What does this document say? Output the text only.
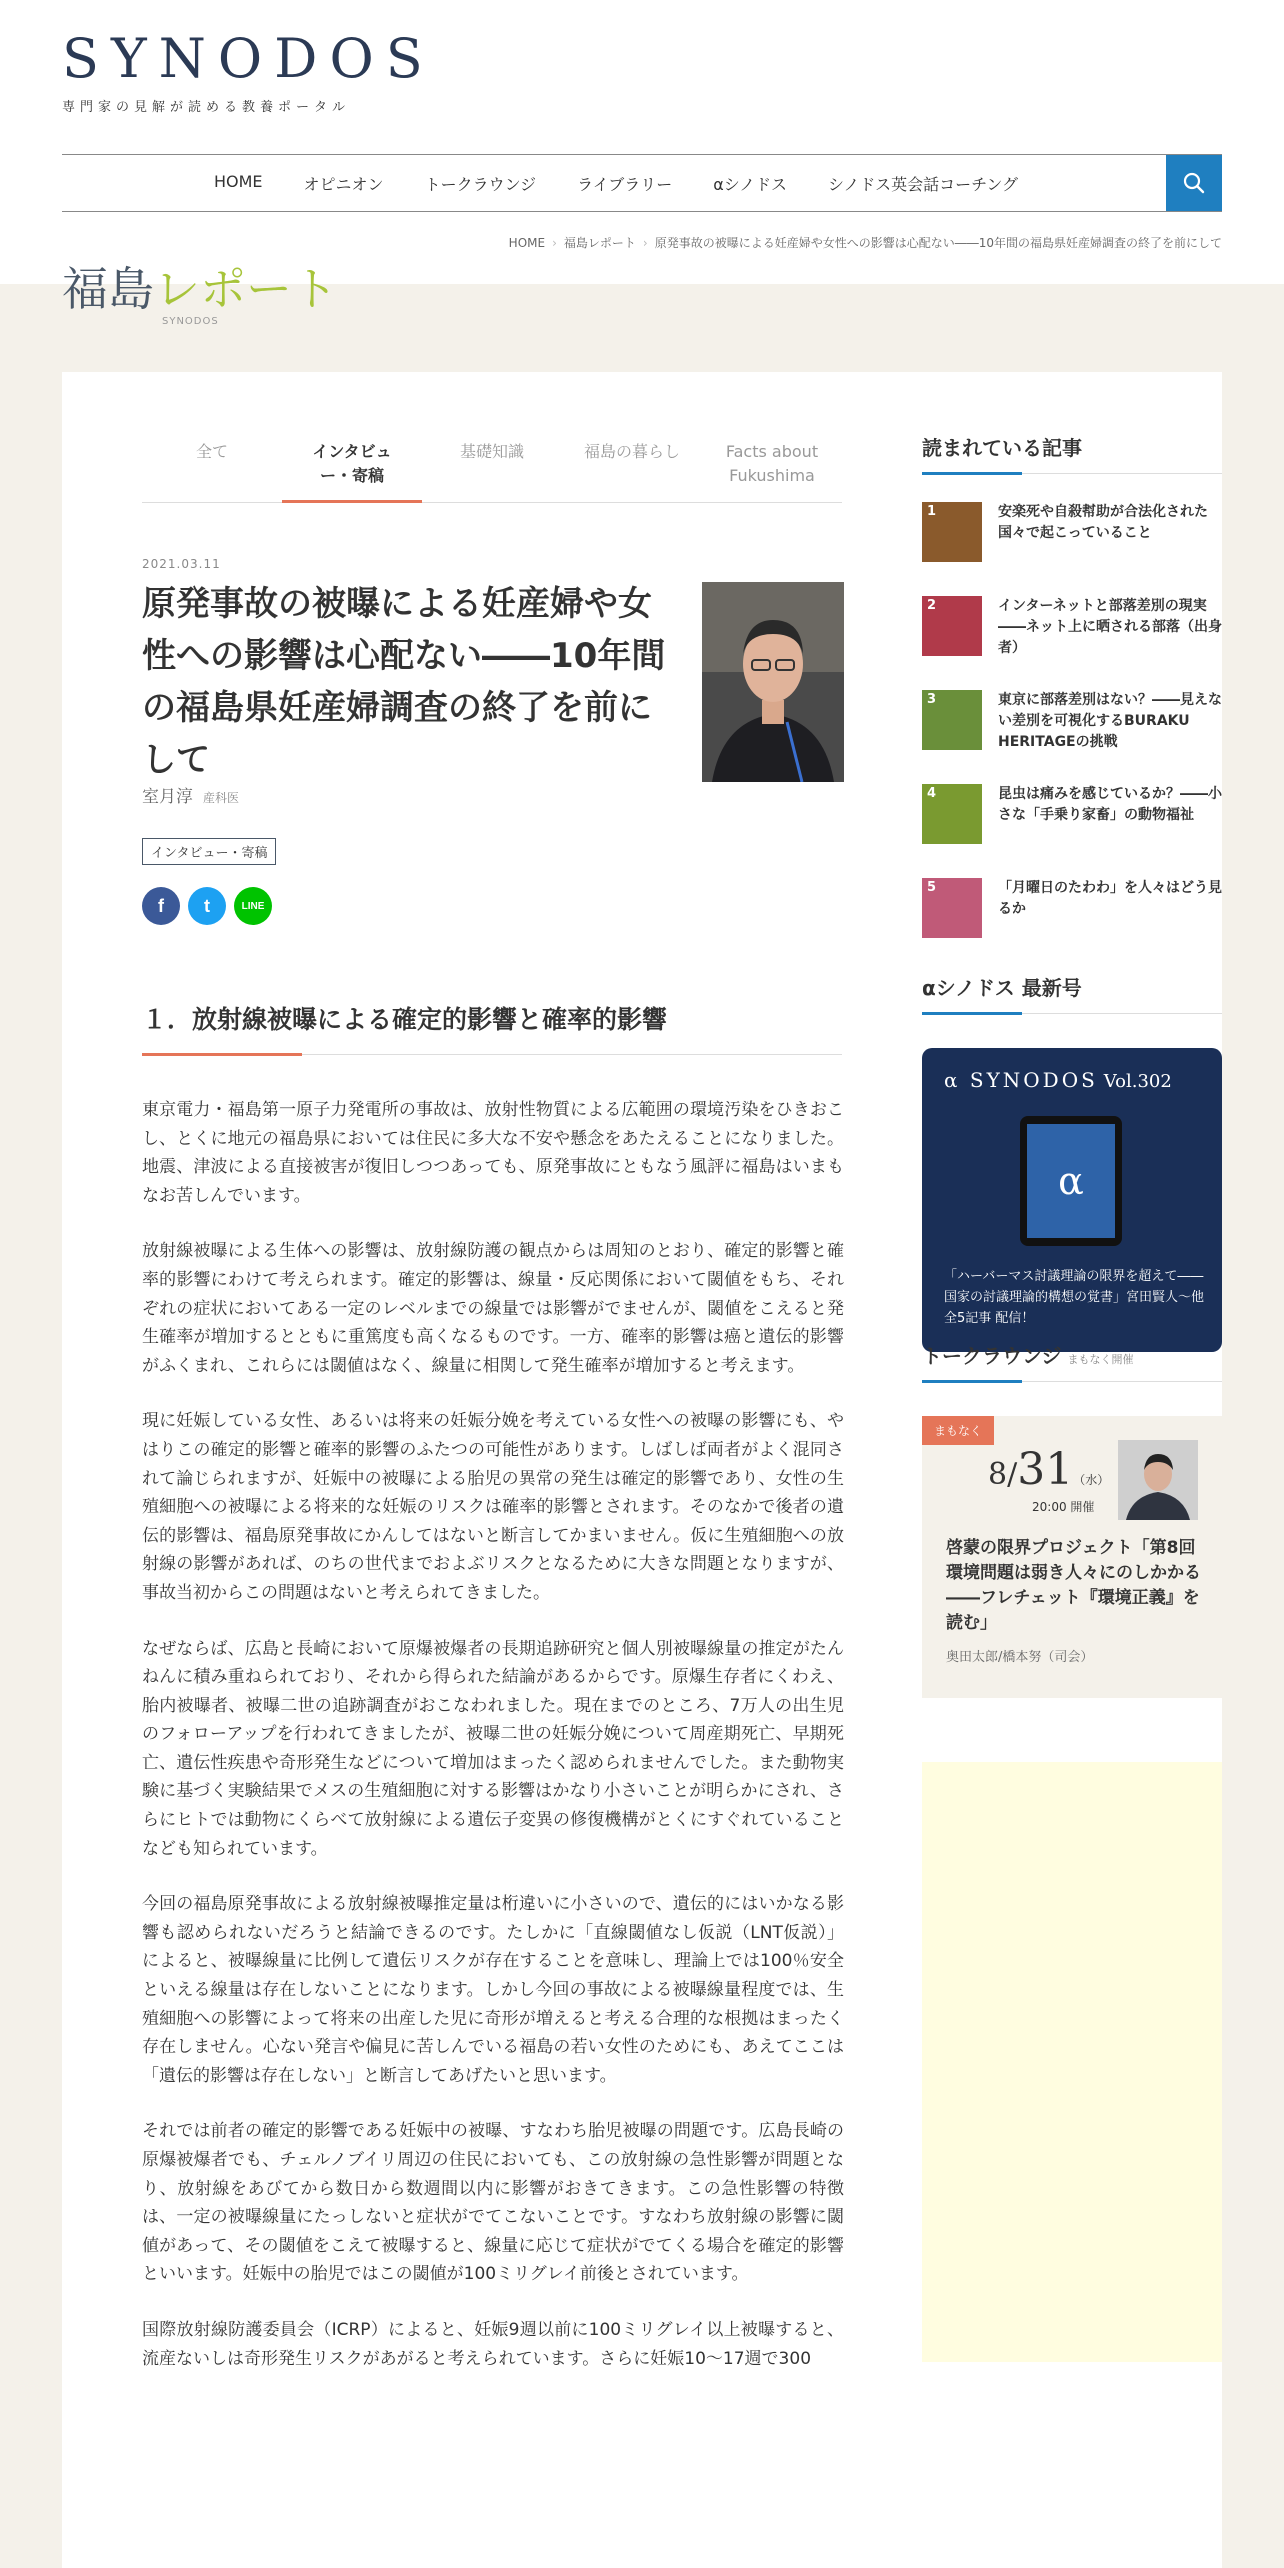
SYNODOS
専門家の見解が読める教養ポータル
HOME	オピニオン	トークラウンジ	ライブラリー	αシノドス	シノドス英会話コーチング
HOME › 福島レポート › 原発事故の被曝による妊産婦や女性への影響は心配ない――10年間の福島県妊産婦調査の終了を前にして
福島レポート
SYNODOS
全て	インタビュー・寄稿
基礎知識	福島の暮らし	Facts about Fukushima
2021.03.11
原発事故の被曝による妊産婦や女性への影響は心配ない――10年間の福島県妊産婦調査の終了を前にして
室月淳 産科医
インタビュー・寄稿
f t	LINE
１．放射線被曝による確定的影響と確率的影響

東京電力・福島第一原子力発電所の事故は、放射性物質による広範囲の環境汚染をひきおこし、とくに地元の福島県においては住民に多大な不安や懸念をあたえることになりました。地震、津波による直接被害が復旧しつつあっても、原発事故にともなう風評に福島はいまもなお苦しんでいます。

放射線被曝による生体への影響は、放射線防護の観点からは周知のとおり、確定的影響と確率的影響にわけて考えられます。確定的影響は、線量・反応関係において閾値をもち、それぞれの症状においてある一定のレベルまでの線量では影響がでませんが、閾値をこえると発生確率が増加するとともに重篤度も高くなるものです。一方、確率的影響は癌と遺伝的影響がふくまれ、これらには閾値はなく、線量に相関して発生確率が増加すると考えます。

現に妊娠している女性、あるいは将来の妊娠分娩を考えている女性への被曝の影響にも、やはりこの確定的影響と確率的影響のふたつの可能性があります。しばしば両者がよく混同されて論じられますが、妊娠中の被曝による胎児の異常の発生は確定的影響であり、女性の生殖細胞への被曝による将来的な妊娠のリスクは確率的影響とされます。そのなかで後者の遺伝的影響は、福島原発事故にかんしてはないと断言してかまいません。仮に生殖細胞への放射線の影響があれば、のちの世代までおよぶリスクとなるために大きな問題となりますが、事故当初からこの問題はないと考えられてきました。

なぜならば、広島と長崎において原爆被爆者の長期追跡研究と個人別被曝線量の推定がたんねんに積み重ねられており、それから得られた結論があるからです。原爆生存者にくわえ、胎内被曝者、被曝二世の追跡調査がおこなわれました。現在までのところ、7万人の出生児のフォローアップを行われてきましたが、被曝二世の妊娠分娩について周産期死亡、早期死亡、遺伝性疾患や奇形発生などについて増加はまったく認められませんでした。また動物実験に基づく実験結果でメスの生殖細胞に対する影響はかなり小さいことが明らかにされ、さらにヒトでは動物にくらべて放射線による遺伝子変異の修復機構がとくにすぐれていることなども知られています。

今回の福島原発事故による放射線被曝推定量は桁違いに小さいので、遺伝的にはいかなる影響も認められないだろうと結論できるのです。たしかに「直線閾値なし仮説（LNT仮説）」によると、被曝線量に比例して遺伝リスクが存在することを意味し、理論上では100％安全といえる線量は存在しないことになります。しかし今回の事故による被曝線量程度では、生殖細胞への影響によって将来の出産した児に奇形が増えると考える合理的な根拠はまったく存在しません。心ない発言や偏見に苦しんでいる福島の若い女性のためにも、あえてここは「遺伝的影響は存在しない」と断言してあげたいと思います。

それでは前者の確定的影響である妊娠中の被曝、すなわち胎児被曝の問題です。広島長崎の原爆被爆者でも、チェルノブイリ周辺の住民においても、この放射線の急性影響が問題となり、放射線をあびてから数日から数週間以内に影響がおきてきます。この急性影響の特徴は、一定の被曝線量にたっしないと症状がでてこないことです。すなわち放射線の影響に閾値があって、その閾値をこえて被曝すると、線量に応じて症状がでてくる場合を確定的影響といいます。妊娠中の胎児ではこの閾値が100ミリグレイ前後とされています。

国際放射線防護委員会（ICRP）によると、妊娠9週以前に100ミリグレイ以上被曝すると、流産ないしは奇形発生リスクがあがると考えられています。さらに妊娠10～17週で300

読まれている記事
1	安楽死や自殺幇助が合法化された国々で起こっていること
2	インターネットと部落差別の現実――ネット上に晒される部落（出身者）
3	東京に部落差別はない？――見えない差別を可視化するBURAKU HERITAGEの挑戦
4	昆虫は痛みを感じているか？――小さな「手乗り家畜」の動物福祉
5	「月曜日のたわわ」を人々はどう見るか
αシノドス 最新号
α SYNODOS Vol.302
α
「ハーバーマス討議理論の限界を超えて――国家の討議理論的構想の覚書」宮田賢人〜他 全5記事 配信！
トークラウンジ まもなく開催
まもなく
8/31（水）
20:00 開催
啓蒙の限界プロジェクト「第8回　環境問題は弱き人々にのしかかる――フレチェット『環境正義』を読む」
奥田太郎/橋本努（司会）
